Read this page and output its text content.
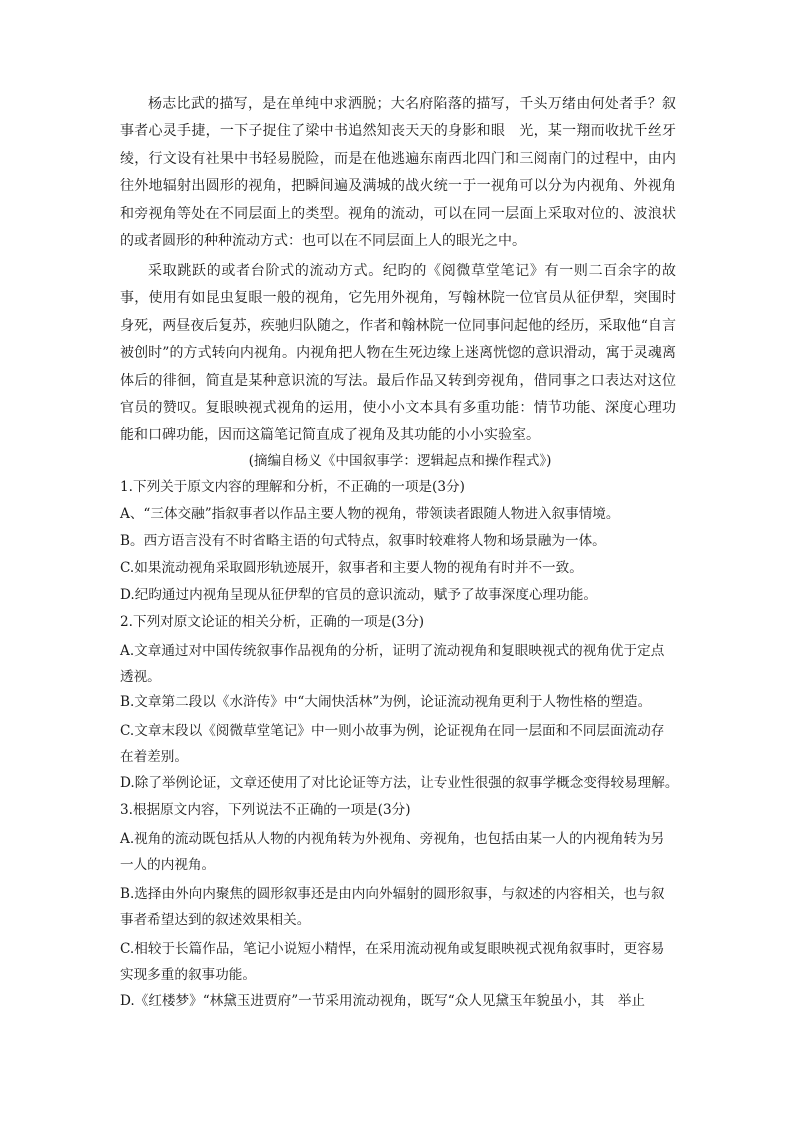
杨志比武的描写，是在单纯中求洒脱；大名府陷落的描写，千头万绪由何处者手？叙事者心灵手捷，一下子捉住了梁中书追然知丧天天的身影和眼　光，某一翔而收扰千丝牙绫，行文设有社果中书轻易脱险，而是在他逃遍东南西北四门和三阅南门的过程中，由内往外地辐射出圆形的视角，把瞬间遍及满城的战火统一于一视角可以分为内视角、外视角和旁视角等处在不同层面上的类型。视角的流动，可以在同一层面上采取对位的、波浪状的或者圆形的种种流动方式：也可以在不同层面上人的眼光之中。

采取跳跃的或者台阶式的流动方式。纪昀的《阅微草堂笔记》有一则二百余字的故事，使用有如昆虫复眼一般的视角，它先用外视角，写翰林院一位官员从征伊犁，突围时身死，两昼夜后复苏，疾驰归队随之，作者和翰林院一位同事问起他的经历，采取他“自言被创时”的方式转向内视角。内视角把人物在生死边缘上迷离恍惚的意识滑动，寓于灵魂离体后的徘徊，简直是某种意识流的写法。最后作品又转到旁视角，借同事之口表达对这位官员的赞叹。复眼映视式视角的运用，使小小文本具有多重功能：情节功能、深度心理功能和口碑功能，因而这篇笔记简直成了视角及其功能的小小实验室。

(摘编自杨义《中国叙事学：逻辑起点和操作程式》)

1.下列关于原文内容的理解和分析，不正确的一项是(3分)

A、“三体交融”指叙事者以作品主要人物的视角，带领读者跟随人物进入叙事情境。

B。西方语言没有不时省略主语的句式特点，叙事时较难将人物和场景融为一体。

C.如果流动视角采取圆形轨迹展开，叙事者和主要人物的视角有时并不一致。

D.纪昀通过内视角呈现从征伊犁的官员的意识流动，赋予了故事深度心理功能。

2.下列对原文论证的相关分析，正确的一项是(3分)

A.文章通过对中国传统叙事作品视角的分析，证明了流动视角和复眼映视式的视角优于定点透视。

B.文章第二段以《水浒传》中“大闹快活林”为例，论证流动视角更利于人物性格的塑造。

C.文章末段以《阅微草堂笔记》中一则小故事为例，论证视角在同一层面和不同层面流动存在着差别。

D.除了举例论证，文章还使用了对比论证等方法，让专业性很强的叙事学概念变得较易理解。

3.根据原文内容，下列说法不正确的一项是(3分)

A.视角的流动既包括从人物的内视角转为外视角、旁视角，也包括由某一人的内视角转为另一人的内视角。

B.选择由外向内聚焦的圆形叙事还是由内向外辐射的圆形叙事，与叙述的内容相关，也与叙事者希望达到的叙述效果相关。

C.相较于长篇作品，笔记小说短小精悍，在采用流动视角或复眼映视式视角叙事时，更容易实现多重的叙事功能。

D.《红楼梦》“林黛玉进贾府”一节采用流动视角，既写“众人见黛玉年貌虽小，其　举止
